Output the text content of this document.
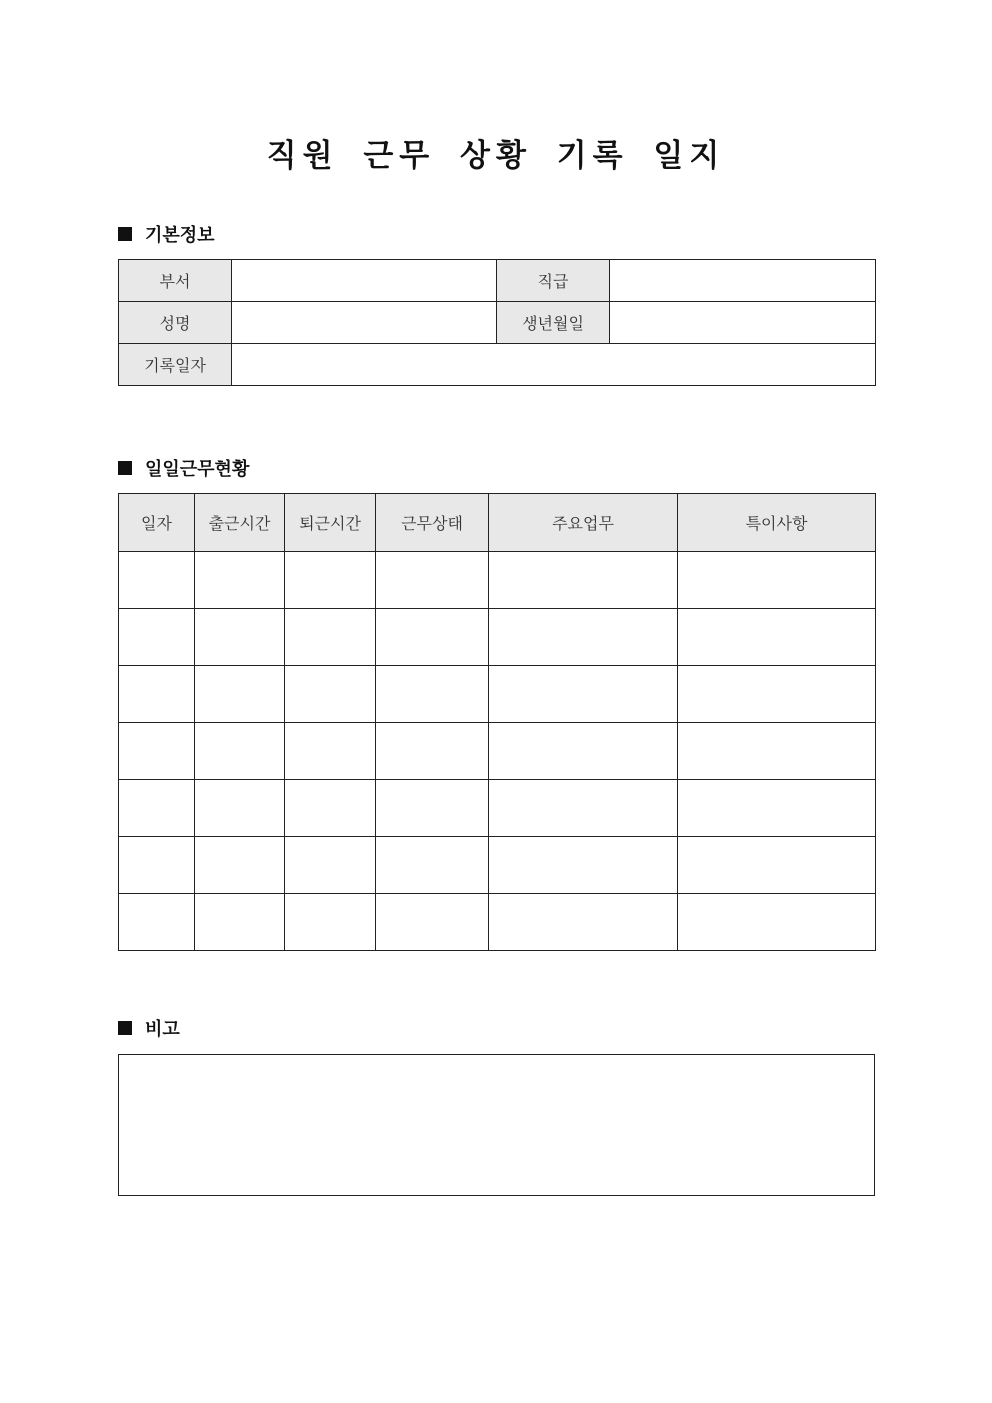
직원 근무 상황 기록 일지
기본정보
부서		직급	
성명		생년월일	
기록일자			
일일근무현황
일자	출근시간	퇴근시간	근무상태	주요업무	특이사항

비고
